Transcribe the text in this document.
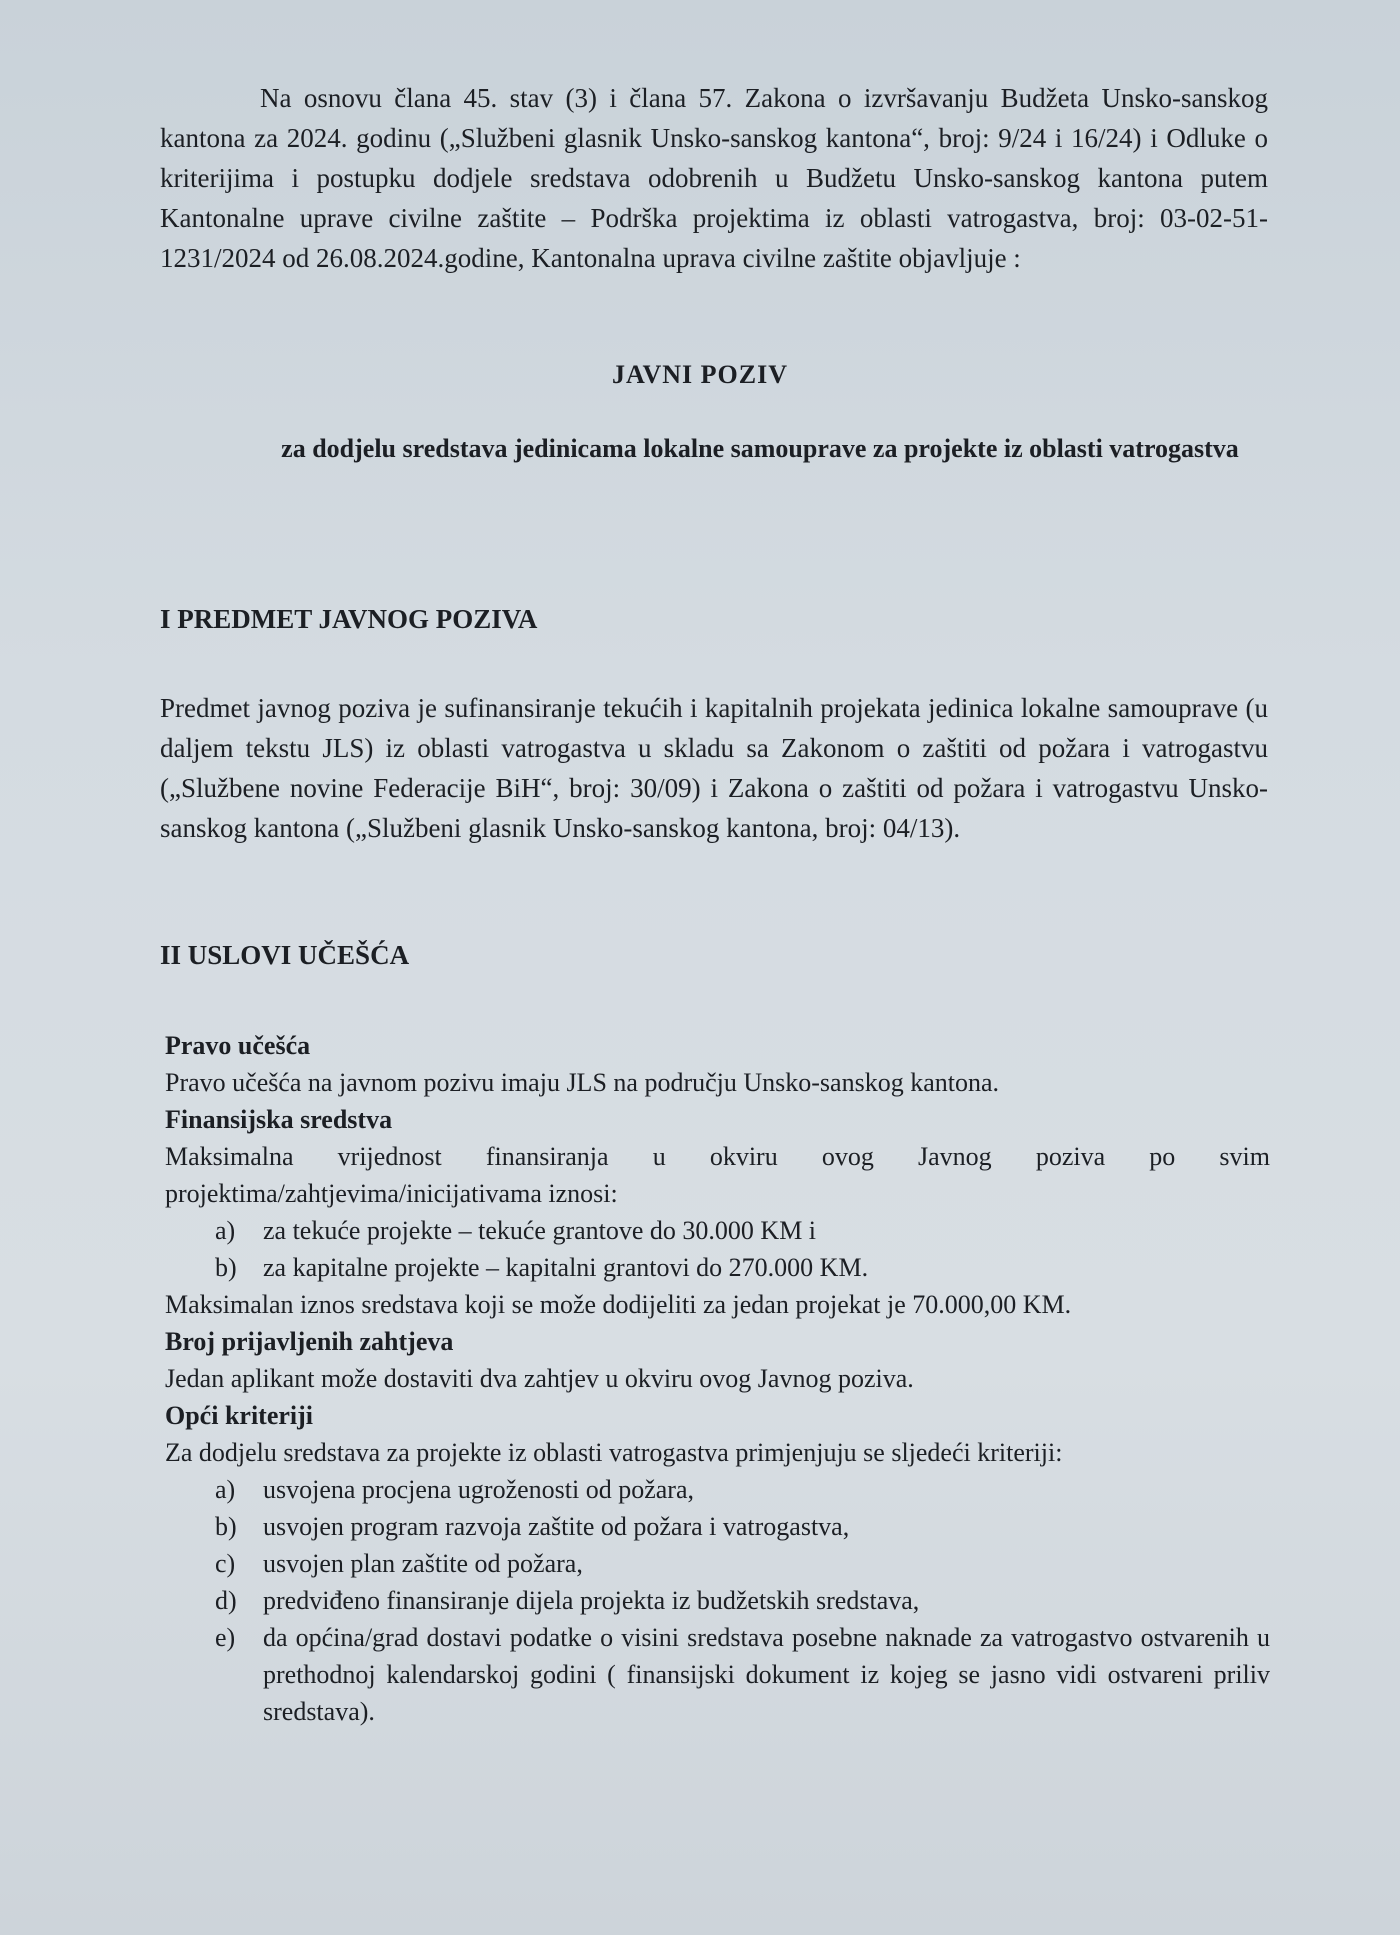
Na osnovu člana 45. stav (3) i člana 57. Zakona o izvršavanju Budžeta Unsko-sanskog kantona za 2024. godinu („Službeni glasnik Unsko-sanskog kantona“, broj: 9/24 i 16/24) i Odluke o kriterijima i postupku dodjele sredstava odobrenih u Budžetu Unsko-sanskog kantona putem Kantonalne uprave civilne zaštite – Podrška projektima iz oblasti vatrogastva, broj: 03-02-51-1231/2024 od 26.08.2024.godine, Kantonalna uprava civilne zaštite objavljuje :

JAVNI POZIV

za dodjelu sredstava jedinicama lokalne samouprave za projekte iz oblasti vatrogastva

I PREDMET JAVNOG POZIVA

Predmet javnog poziva je sufinansiranje tekućih i kapitalnih projekata jedinica lokalne samouprave (u daljem tekstu JLS) iz oblasti vatrogastva u skladu sa Zakonom o zaštiti od požara i vatrogastvu („Službene novine Federacije BiH“, broj: 30/09) i Zakona o zaštiti od požara i vatrogastvu Unsko-sanskog kantona („Službeni glasnik Unsko-sanskog kantona, broj: 04/13).

II USLOVI UČEŠĆA

Pravo učešća

Pravo učešća na javnom pozivu imaju JLS na području Unsko-sanskog kantona.

Finansijska sredstva

Maksimalna vrijednost finansiranja u okviru ovog Javnog poziva po svim

projektima/zahtjevima/inicijativama iznosi:

a)	za tekuće projekte – tekuće grantove do 30.000 KM i
b)	za kapitalne projekte – kapitalni grantovi do 270.000 KM.

Maksimalan iznos sredstava koji se može dodijeliti za jedan projekat je 70.000,00 KM.

Broj prijavljenih zahtjeva

Jedan aplikant može dostaviti dva zahtjev u okviru ovog Javnog poziva.

Opći kriteriji

Za dodjelu sredstava za projekte iz oblasti vatrogastva primjenjuju se sljedeći kriteriji:

a)	usvojena procjena ugroženosti od požara,
b)	usvojen program razvoja zaštite od požara i vatrogastva,
c)	usvojen plan zaštite od požara,
d)	predviđeno finansiranje dijela projekta iz budžetskih sredstava,
e)	da općina/grad dostavi podatke o visini sredstava posebne naknade za vatrogastvo ostvarenih u prethodnoj kalendarskoj godini ( finansijski dokument iz kojeg se jasno vidi ostvareni priliv sredstava).
